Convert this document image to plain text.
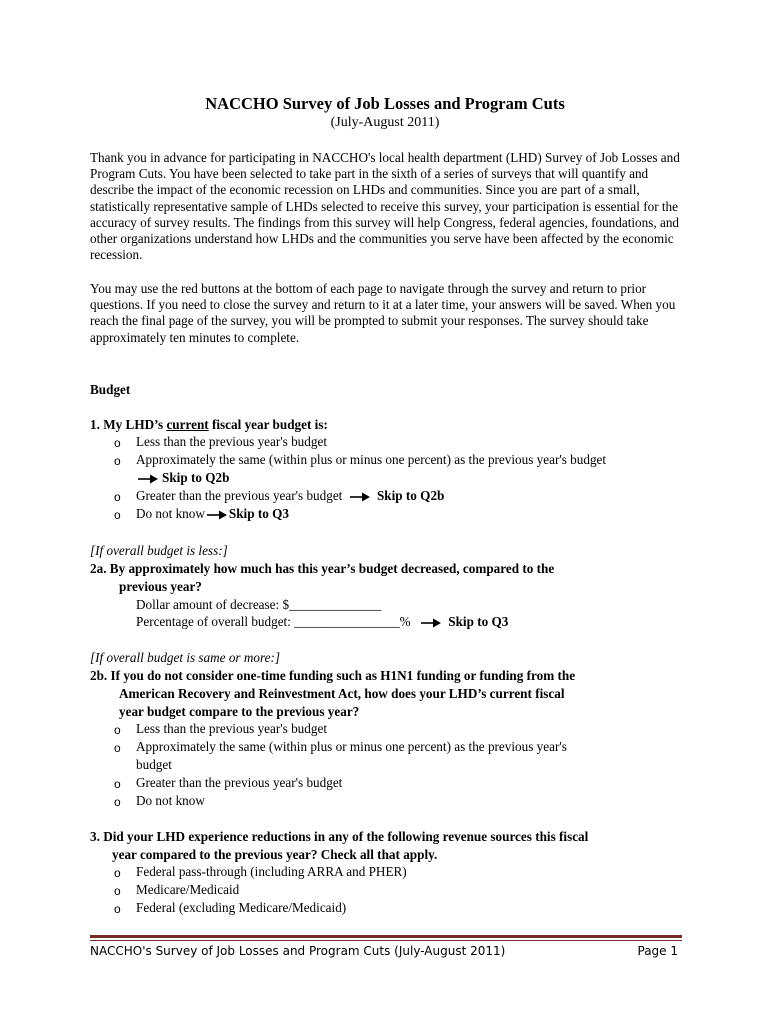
NACCHO Survey of Job Losses and Program Cuts
(July-August 2011)

Thank you in advance for participating in NACCHO's local health department (LHD) Survey of Job Losses and Program Cuts. You have been selected to take part in the sixth of a series of surveys that will quantify and describe the impact of the economic recession on LHDs and communities. Since you are part of a small, statistically representative sample of LHDs selected to receive this survey, your participation is essential for the accuracy of survey results. The findings from this survey will help Congress, federal agencies, foundations, and other organizations understand how LHDs and the communities you serve have been affected by the economic recession.

You may use the red buttons at the bottom of each page to navigate through the survey and return to prior questions. If you need to close the survey and return to it at a later time, your answers will be saved. When you reach the final page of the survey, you will be prompted to submit your responses. The survey should take approximately ten minutes to complete.

Budget
1. My LHD’s current fiscal year budget is:
o Less than the previous year's budget
o Approximately the same (within plus or minus one percent) as the previous year's budget
Skip to Q2b
o Greater than the previous year's budget	Skip to Q2b
o Do not know Skip to Q3
[If overall budget is less:]
2a. By approximately how much has this year’s budget decreased, compared to the
previous year?
Dollar amount of decrease: $______________
Percentage of overall budget: ________________%	Skip to Q3
[If overall budget is same or more:]
2b. If you do not consider one-time funding such as H1N1 funding or funding from the
American Recovery and Reinvestment Act, how does your LHD’s current fiscal
year budget compare to the previous year?
o Less than the previous year's budget
o Approximately the same (within plus or minus one percent) as the previous year's
budget
o Greater than the previous year's budget
o Do not know
3. Did your LHD experience reductions in any of the following revenue sources this fiscal
year compared to the previous year? Check all that apply.
o Federal pass-through (including ARRA and PHER)
o Medicare/Medicaid
o Federal (excluding Medicare/Medicaid)
NACCHO's Survey of Job Losses and Program Cuts (July-August 2011)	Page 1
